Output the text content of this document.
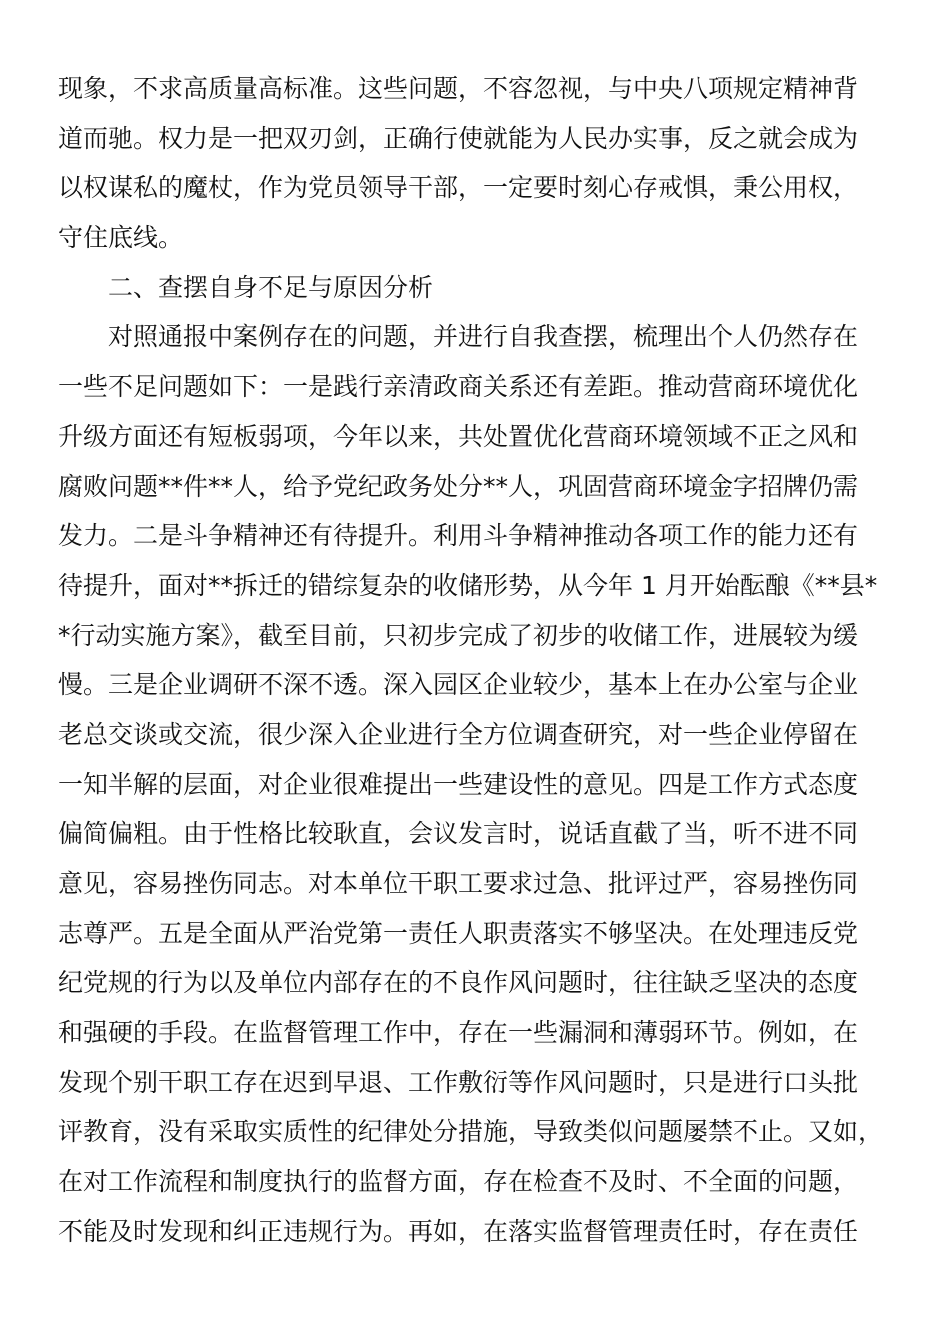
现象，不求高质量高标准。这些问题，不容忽视，与中央八项规定精神背
道而驰。权力是一把双刃剑，正确行使就能为人民办实事，反之就会成为
以权谋私的魔杖，作为党员领导干部，一定要时刻心存戒惧，秉公用权，
守住底线。
二、查摆自身不足与原因分析
对照通报中案例存在的问题，并进行自我查摆，梳理出个人仍然存在
一些不足问题如下：一是践行亲清政商关系还有差距。推动营商环境优化
升级方面还有短板弱项，今年以来，共处置优化营商环境领域不正之风和
腐败问题**件**人，给予党纪政务处分**人，巩固营商环境金字招牌仍需
发力。二是斗争精神还有待提升。利用斗争精神推动各项工作的能力还有
待提升，面对**拆迁的错综复杂的收储形势，从今年 1 月开始酝酿《**县*
*行动实施方案》，截至目前，只初步完成了初步的收储工作，进展较为缓
慢。三是企业调研不深不透。深入园区企业较少，基本上在办公室与企业
老总交谈或交流，很少深入企业进行全方位调查研究，对一些企业停留在
一知半解的层面，对企业很难提出一些建设性的意见。四是工作方式态度
偏简偏粗。由于性格比较耿直，会议发言时，说话直截了当，听不进不同
意见，容易挫伤同志。对本单位干职工要求过急、批评过严，容易挫伤同
志尊严。五是全面从严治党第一责任人职责落实不够坚决。在处理违反党
纪党规的行为以及单位内部存在的不良作风问题时，往往缺乏坚决的态度
和强硬的手段。在监督管理工作中，存在一些漏洞和薄弱环节。例如，在
发现个别干职工存在迟到早退、工作敷衍等作风问题时，只是进行口头批
评教育，没有采取实质性的纪律处分措施，导致类似问题屡禁不止。又如，
在对工作流程和制度执行的监督方面，存在检查不及时、不全面的问题，
不能及时发现和纠正违规行为。再如，在落实监督管理责任时，存在责任
